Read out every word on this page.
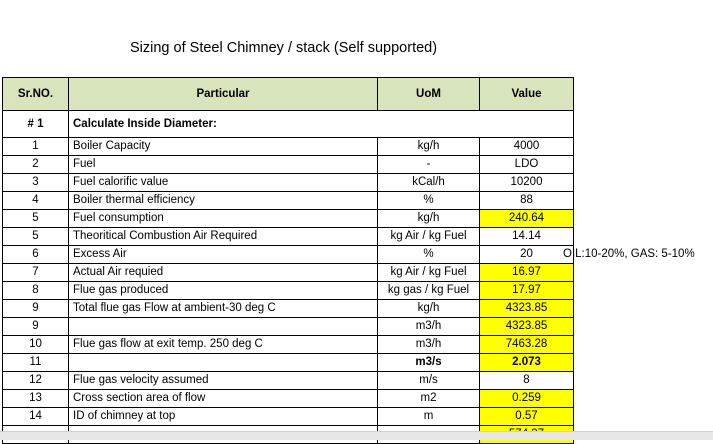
Sizing of Steel Chimney / stack (Self supported)
Sr.NO.	Particular	UoM	Value
# 1	Calculate Inside Diameter:		
1	Boiler Capacity	kg/h	4000
2	Fuel	-	LDO
3	Fuel calorific value	kCal/h	10200
4	Boiler thermal efficiency	%	88
5	Fuel consumption	kg/h	240.64
5	Theoritical Combustion Air Required	kg Air / kg Fuel	14.14
6	Excess Air	%	20
7	Actual Air requied	kg Air / kg Fuel	16.97
8	Flue gas produced	kg gas / kg Fuel	17.97
9	Total flue gas Flow at ambient-30 deg C	kg/h	4323.85
9		m3/h	4323.85
10	Flue gas flow at exit temp. 250 deg C	m3/h	7463.28
11		m3/s	2.073
12	Flue gas velocity assumed	m/s	8
13	Cross section area of flow	m2	0.259
14	ID of chimney at top	m	0.57

OIL:10-20%, GAS: 5-10%
